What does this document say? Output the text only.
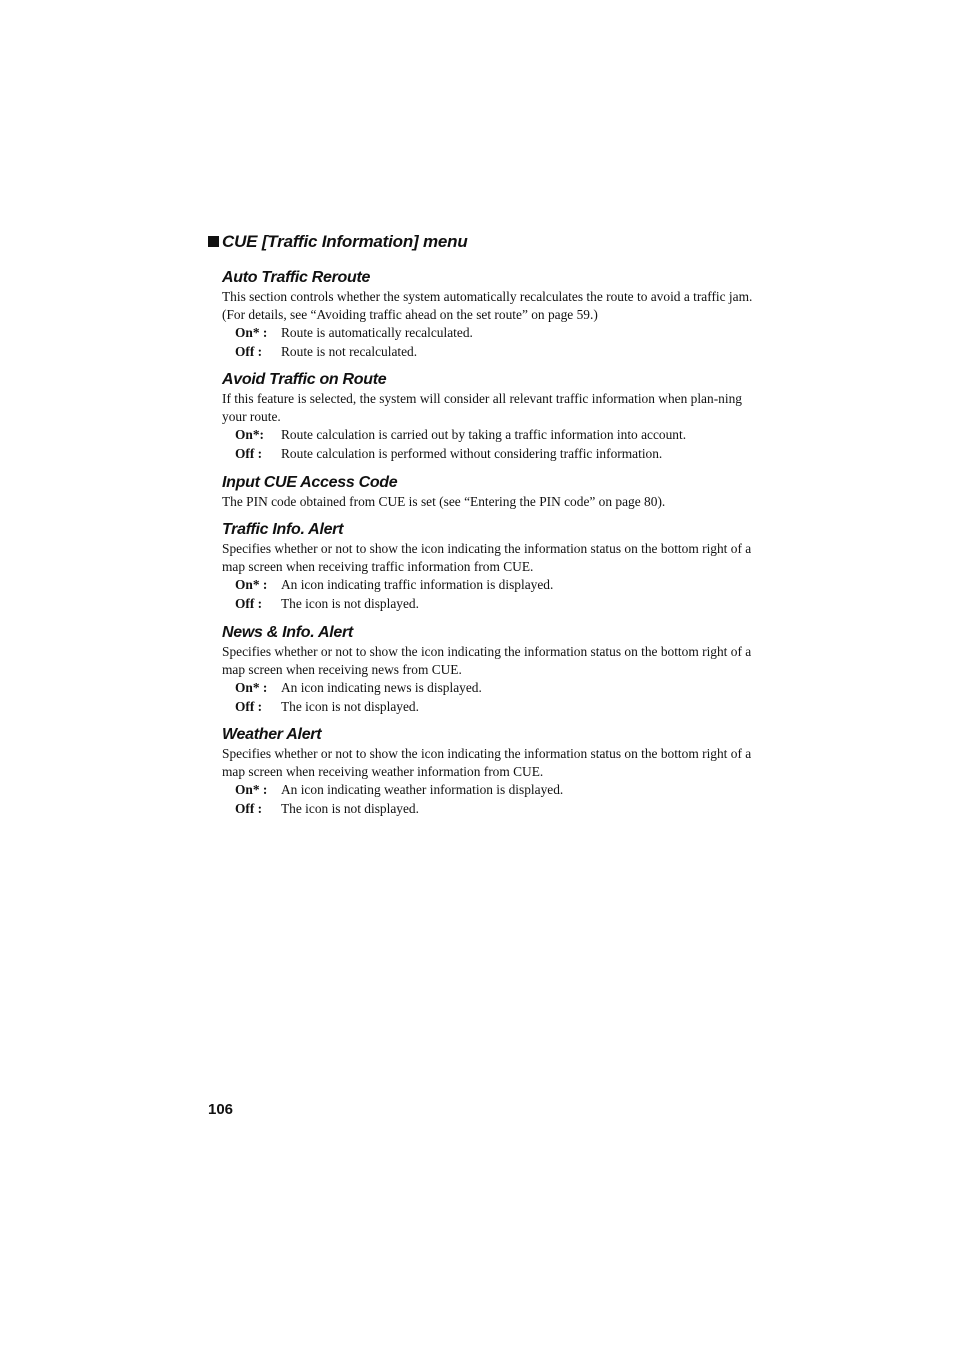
CUE [Traffic Information] menu
Auto Traffic Reroute

This section controls whether the system automatically recalculates the route to avoid a traffic jam. (For details, see “Avoiding traffic ahead on the set route” on page 59.)

On* :	Route is automatically recalculated.
Off :	Route is not recalculated.
Avoid Traffic on Route

If this feature is selected, the system will consider all relevant traffic information when plan-ning your route.

On*:	Route calculation is carried out by taking a traffic information into account.
Off :	Route calculation is performed without considering traffic information.
Input CUE Access Code

The PIN code obtained from CUE is set (see “Entering the PIN code” on page 80).

Traffic Info. Alert

Specifies whether or not to show the icon indicating the information status on the bottom right of a map screen when receiving traffic information from CUE.

On* :	An icon indicating traffic information is displayed.
Off :	The icon is not displayed.
News & Info. Alert

Specifies whether or not to show the icon indicating the information status on the bottom right of a map screen when receiving news from CUE.

On* :	An icon indicating news is displayed.
Off :	The icon is not displayed.
Weather Alert

Specifies whether or not to show the icon indicating the information status on the bottom right of a map screen when receiving weather information from CUE.

On* :	An icon indicating weather information is displayed.
Off :	The icon is not displayed.
106
